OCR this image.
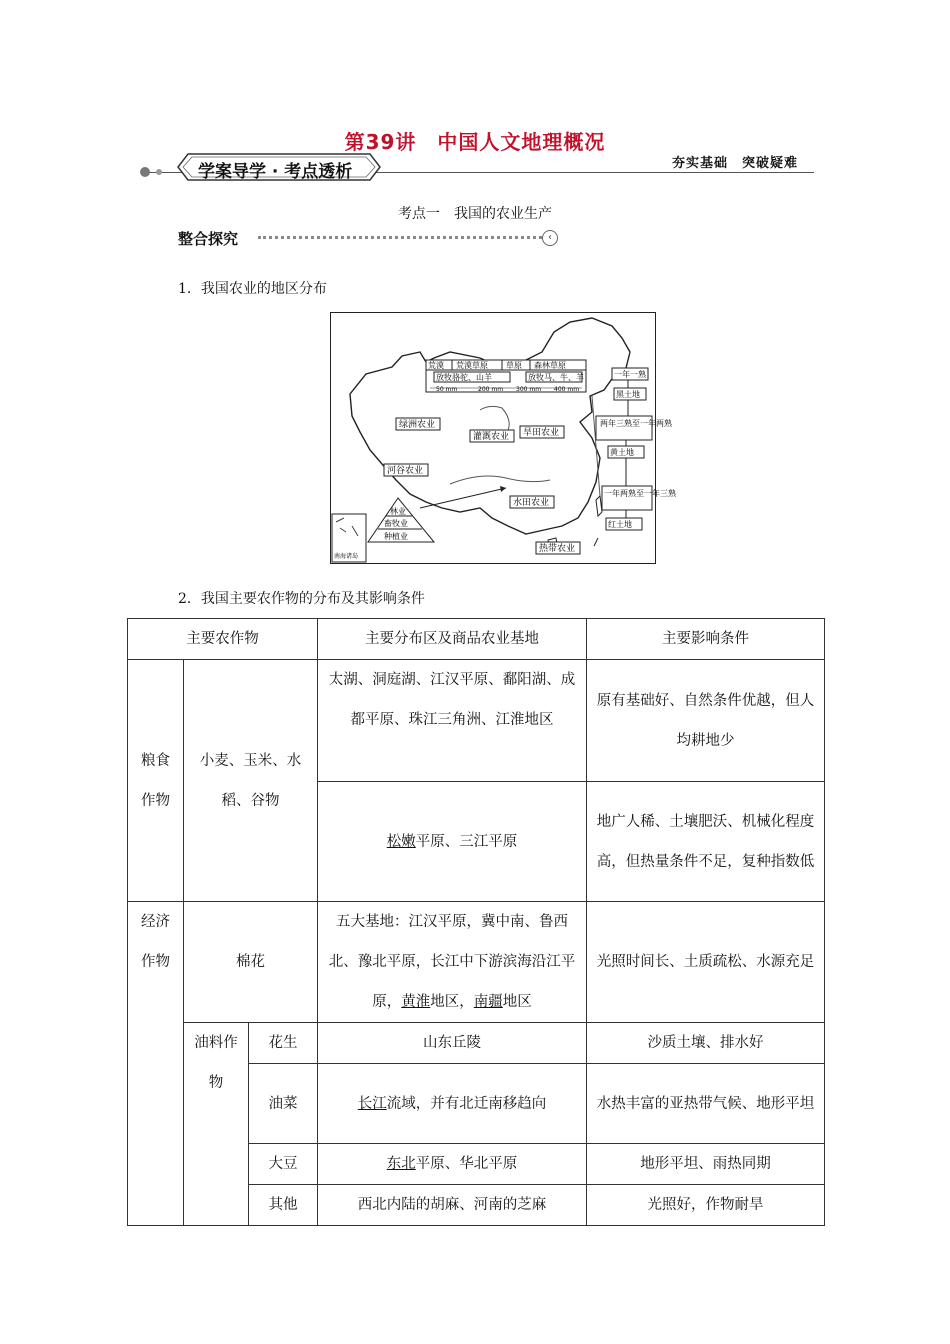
第39讲　中国人文地理概况
学案导学 · 考点透析	夯实基础　突破疑难
考点一　我国的农业生产
整合探究	‹
1．我国农业的地区分布
南海诸岛
荒漠 荒漠草原 草原 森林草原
放牧骆驼、山羊	放牧马、牛、羊
50 mm	200 mm 300 mm 400 mm
绿洲农业
灌溉农业 旱田农业
河谷农业
水田农业
热带农业
林业
畜牧业
种植业
一年一熟
黑土地
两年三熟至一年两熟
黄土地
一年两熟至一年三熟
红土地
2．我国主要农作物的分布及其影响条件
主要农作物			主要分布区及商品农业基地	主要影响条件
粮食作物	小麦、玉米、水稻、谷物		太湖、洞庭湖、江汉平原、鄱阳湖、成都平原、珠江三角洲、江淮地区	原有基础好、自然条件优越，但人均耕地少
			松嫩平原、三江平原	地广人稀、土壤肥沃、机械化程度高，但热量条件不足，复种指数低
经济作物	棉花		五大基地：江汉平原，冀中南、鲁西北、豫北平原，长江中下游滨海沿江平原，黄淮地区，南疆地区	光照时间长、土质疏松、水源充足
	油料作物	花生	山东丘陵	沙质土壤、排水好
		油菜	长江流域，并有北迁南移趋向	水热丰富的亚热带气候、地形平坦
		大豆	东北平原、华北平原	地形平坦、雨热同期
		其他	西北内陆的胡麻、河南的芝麻	光照好，作物耐旱
